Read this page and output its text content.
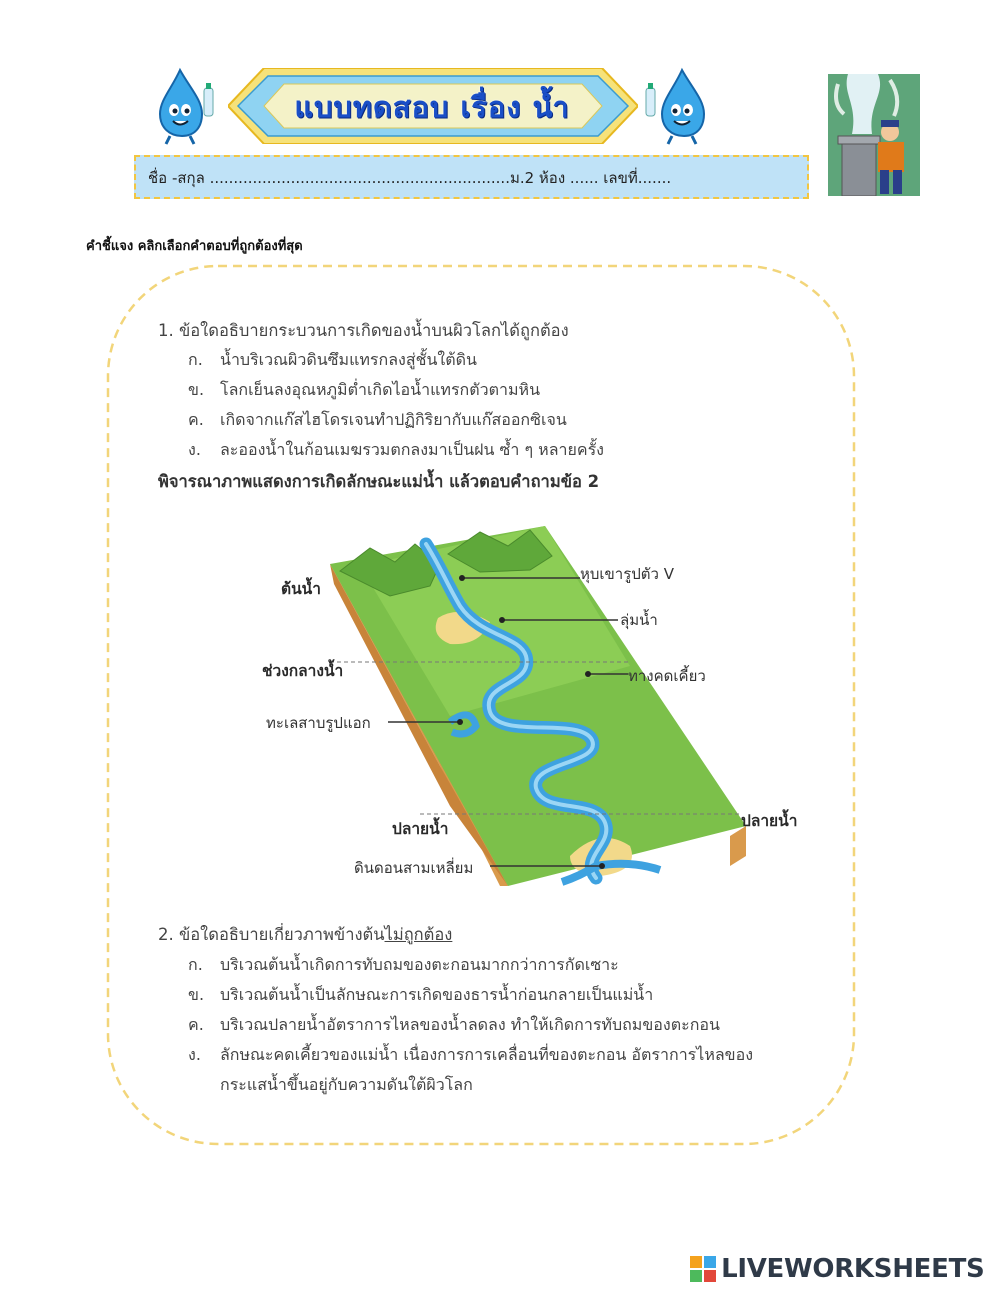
แบบทดสอบ เรื่อง น้ำ
ชื่อ -สกุล ...............................................................ม.2 ห้อง ...... เลขที่.......
คำชี้แจง คลิกเลือกคำตอบที่ถูกต้องที่สุด
1. ข้อใดอธิบายกระบวนการเกิดของน้ำบนผิวโลกได้ถูกต้อง
ก. น้ำบริเวณผิวดินซึมแทรกลงสู่ชั้นใต้ดิน
ข. โลกเย็นลงอุณหภูมิต่ำเกิดไอน้ำแทรกตัวตามหิน
ค. เกิดจากแก๊สไฮโดรเจนทำปฏิกิริยากับแก๊สออกซิเจน
ง. ละอองน้ำในก้อนเมฆรวมตกลงมาเป็นฝน ซ้ำ ๆ หลายครั้ง
พิจารณาภาพแสดงการเกิดลักษณะแม่น้ำ แล้วตอบคำถามข้อ 2
ต้นน้ำ
ช่วงกลางน้ำ
ทะเลสาบรูปแอก
ปลายน้ำ	ปลายน้ำ
ดินดอนสามเหลี่ยม
หุบเขารูปตัว V
ลุ่มน้ำ
ทางคดเคี้ยว
2. ข้อใดอธิบายเกี่ยวภาพข้างต้นไม่ถูกต้อง
ก. บริเวณต้นน้ำเกิดการทับถมของตะกอนมากกว่าการกัดเซาะ
ข. บริเวณต้นน้ำเป็นลักษณะการเกิดของธารน้ำก่อนกลายเป็นแม่น้ำ
ค. บริเวณปลายน้ำอัตราการไหลของน้ำลดลง ทำให้เกิดการทับถมของตะกอน
ง. ลักษณะคดเคี้ยวของแม่น้ำ เนื่องการการเคลื่อนที่ของตะกอน อัตราการไหลของ
กระแสน้ำขึ้นอยู่กับความดันใต้ผิวโลก
LIVEWORKSHEETS
